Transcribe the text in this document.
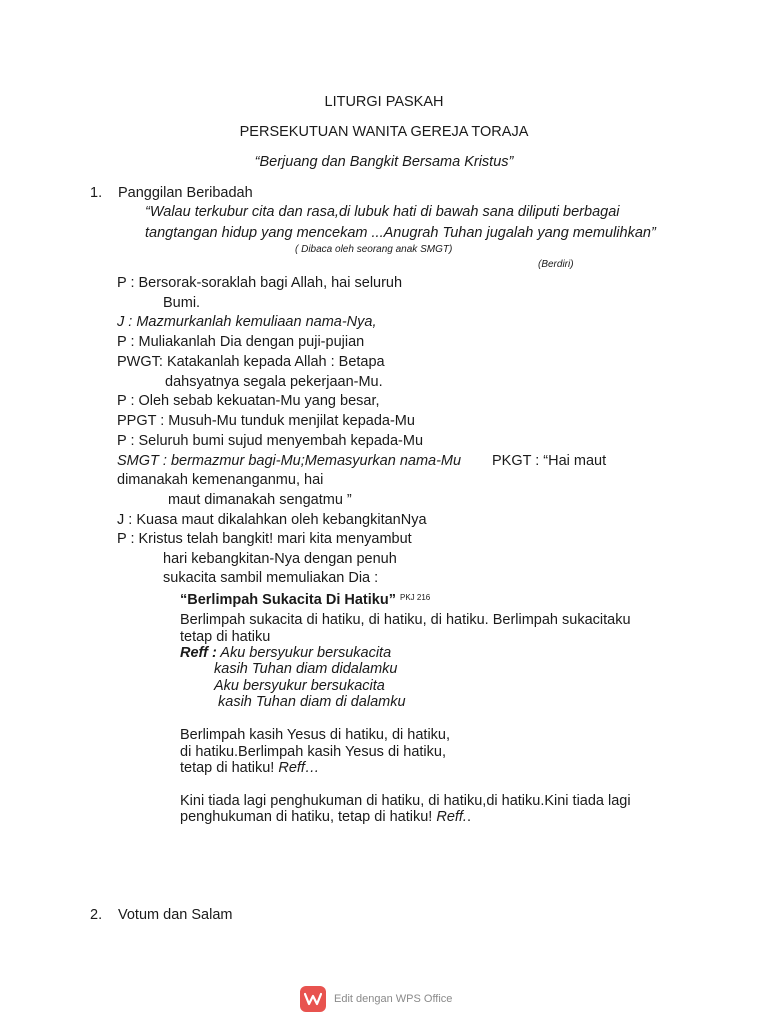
LITURGI PASKAH
PERSEKUTUAN WANITA GEREJA TORAJA
“Berjuang dan Bangkit Bersama Kristus”
1. Panggilan Beribadah
“Walau terkubur cita dan rasa,di lubuk hati di bawah sana diliputi berbagai
tangtangan hidup yang mencekam ...Anugrah Tuhan jugalah yang memulihkan”
( Dibaca oleh seorang anak SMGT)
(Berdiri)
P : Bersorak-soraklah bagi Allah, hai seluruh
Bumi.
J : Mazmurkanlah kemuliaan nama-Nya,
P : Muliakanlah Dia dengan puji-pujian
PWGT: Katakanlah kepada Allah : Betapa
dahsyatnya segala pekerjaan-Mu.
P : Oleh sebab kekuatan-Mu yang besar,
PPGT : Musuh-Mu tunduk menjilat kepada-Mu
P : Seluruh bumi sujud menyembah kepada-Mu
SMGT : bermazmur bagi-Mu;Memasyurkan nama-Mu PKGT : “Hai maut
dimanakah kemenanganmu, hai
maut dimanakah sengatmu ”
J : Kuasa maut dikalahkan oleh kebangkitanNya
P : Kristus telah bangkit! mari kita menyambut
hari kebangkitan-Nya dengan penuh
sukacita sambil memuliakan Dia :
“Berlimpah Sukacita Di Hatiku” $^{PKJ 216}$
Berlimpah sukacita di hatiku, di hatiku, di hatiku. Berlimpah sukacitaku
tetap di hatiku
Reff : Aku bersyukur bersukacita
kasih Tuhan diam didalamku
Aku bersyukur bersukacita
kasih Tuhan diam di dalamku
Berlimpah kasih Yesus di hatiku, di hatiku,
di hatiku.Berlimpah kasih Yesus di hatiku,
tetap di hatiku! Reff…
Kini tiada lagi penghukuman di hatiku, di hatiku,di hatiku.Kini tiada lagi
penghukuman di hatiku, tetap di hatiku! Reff..
2. Votum dan Salam
Edit dengan WPS Office
